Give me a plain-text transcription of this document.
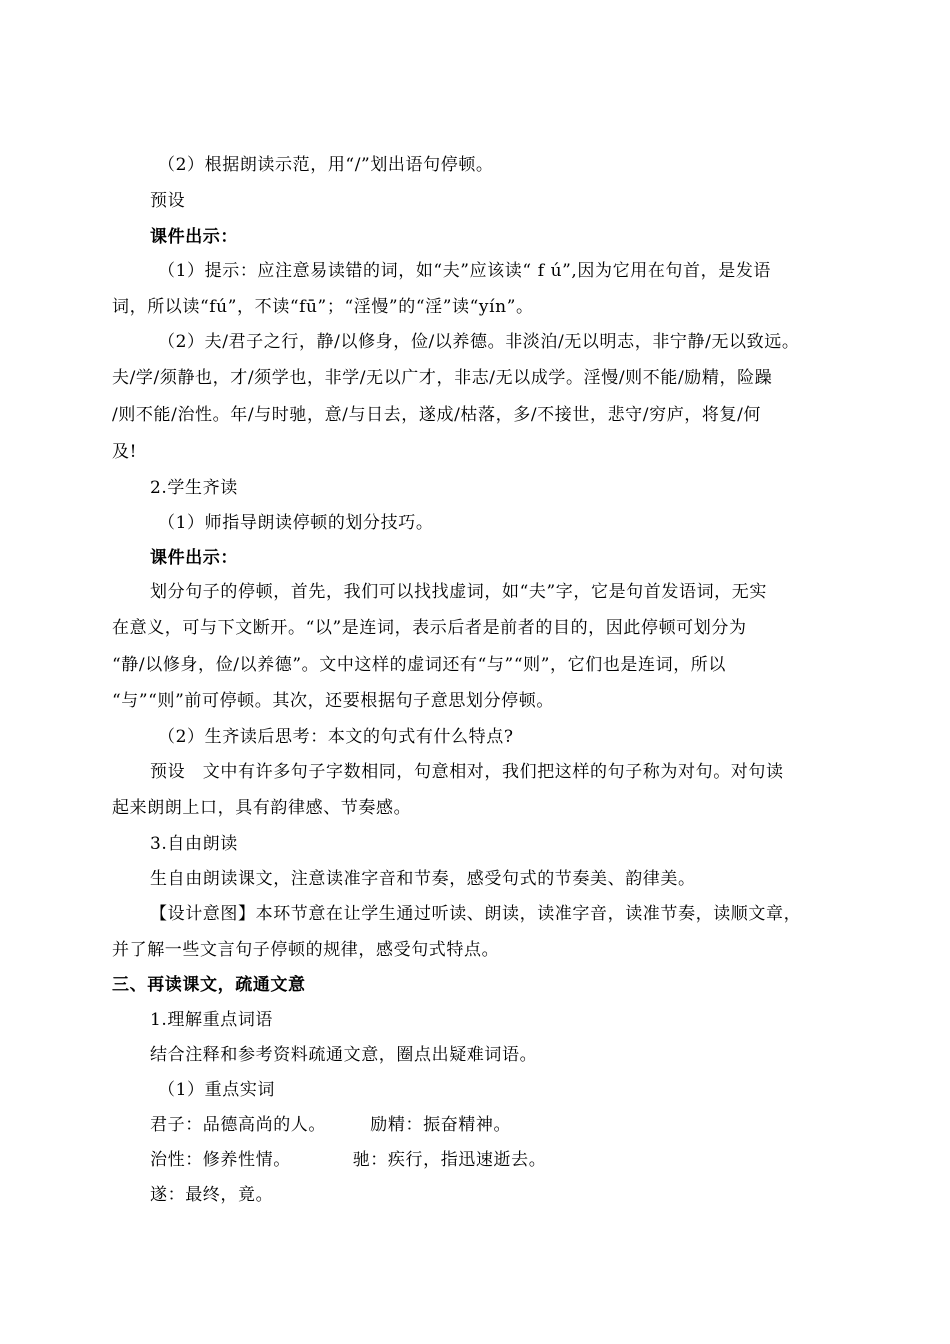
（2）根据朗读示范，用“/”划出语句停顿。
预设
课件出示：
（1）提示：应注意易读错的词，如“夫”应该读“ f ú”,因为它用在句首，是发语
词，所以读“fú”，不读“fū”；“淫慢”的“淫”读“yín”。
（2）夫/君子之行，静/以修身，俭/以养德。非淡泊/无以明志，非宁静/无以致远。
夫/学/须静也，才/须学也，非学/无以广才，非志/无以成学。淫慢/则不能/励精，险躁
/则不能/治性。年/与时驰，意/与日去，遂成/枯落，多/不接世，悲守/穷庐，将复/何
及!
2.学生齐读
（1）师指导朗读停顿的划分技巧。
课件出示：
划分句子的停顿，首先，我们可以找找虚词，如“夫”字，它是句首发语词，无实
在意义，可与下文断开。“以”是连词，表示后者是前者的目的，因此停顿可划分为
“静/以修身，俭/以养德”。文中这样的虚词还有“与”“则”，它们也是连词，所以
“与”“则”前可停顿。其次，还要根据句子意思划分停顿。
（2）生齐读后思考：本文的句式有什么特点?
预设　文中有许多句子字数相同，句意相对，我们把这样的句子称为对句。对句读
起来朗朗上口，具有韵律感、节奏感。
3.自由朗读
生自由朗读课文，注意读准字音和节奏，感受句式的节奏美、韵律美。
【设计意图】本环节意在让学生通过听读、朗读，读准字音，读准节奏，读顺文章，
并了解一些文言句子停顿的规律，感受句式特点。
三、再读课文，疏通文意
1.理解重点词语
结合注释和参考资料疏通文意，圈点出疑难词语。
（1）重点实词
君子：品德高尚的人。　　　励精：振奋精神。
治性：修养性情。　　　　驰：疾行，指迅速逝去。
遂：最终，竟。
